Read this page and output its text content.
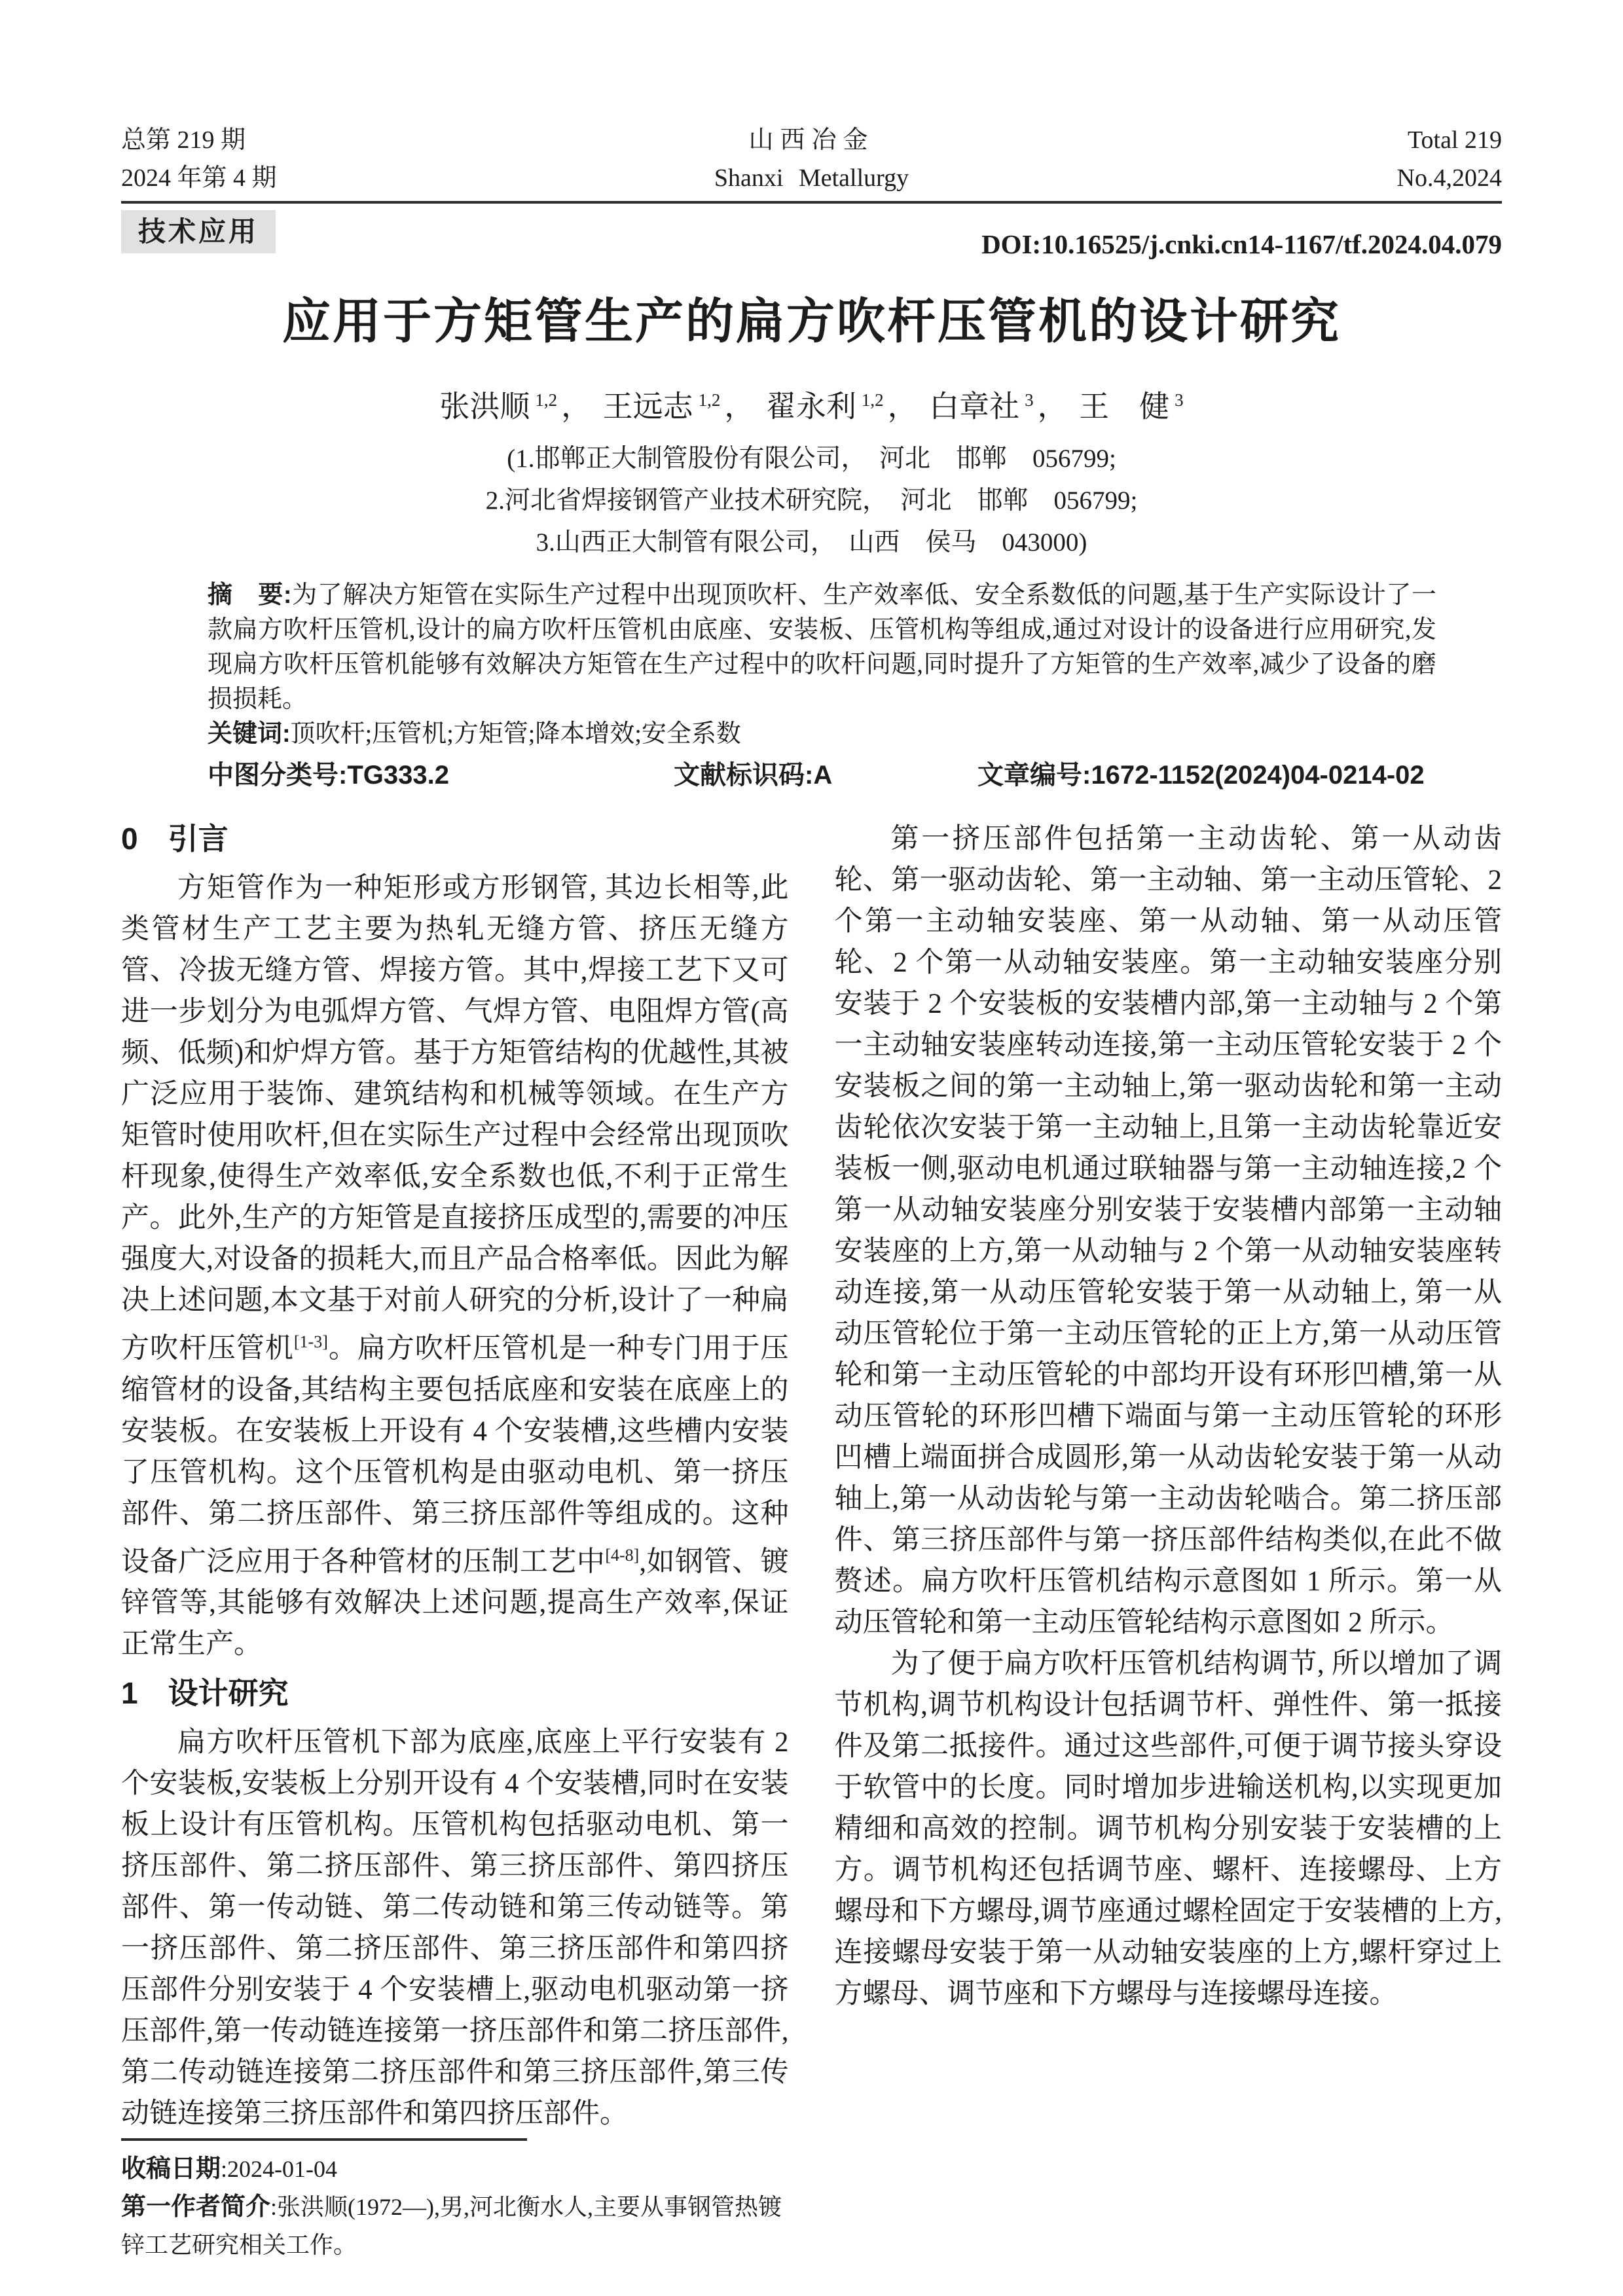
总第 219 期
2024 年第 4 期
山西冶金
Shanxi Metallurgy
Total 219
No.4,2024
技术应用	DOI:10.16525/j.cnki.cn14-1167/tf.2024.04.079
应用于方矩管生产的扁方吹杆压管机的设计研究
张洪顺 $^{1,2}$ ， 王远志 $^{1,2}$ ， 翟永利 $^{1,2}$ ， 白章社 $^3$ ， 王　健 $^3$
(1.邯郸正大制管股份有限公司，　河北　邯郸　056799;
2.河北省焊接钢管产业技术研究院，　河北　邯郸　056799;
3.山西正大制管有限公司，　山西　侯马　043000)

摘　要:为了解决方矩管在实际生产过程中出现顶吹杆、生产效率低、安全系数低的问题,基于生产实际设计了一款扁方吹杆压管机,设计的扁方吹杆压管机由底座、安装板、压管机构等组成,通过对设计的设备进行应用研究,发现扁方吹杆压管机能够有效解决方矩管在生产过程中的吹杆问题,同时提升了方矩管的生产效率,减少了设备的磨损损耗。

关键词:顶吹杆;压管机;方矩管;降本增效;安全系数

中图分类号:TG333.2	文献标识码:A	文章编号:1672-1152(2024)04-0214-02
0　引言

方矩管作为一种矩形或方形钢管, 其边长相等,此类管材生产工艺主要为热轧无缝方管、挤压无缝方管、冷拔无缝方管、焊接方管。其中,焊接工艺下又可进一步划分为电弧焊方管、气焊方管、电阻焊方管(高频、低频)和炉焊方管。基于方矩管结构的优越性,其被广泛应用于装饰、建筑结构和机械等领域。在生产方矩管时使用吹杆,但在实际生产过程中会经常出现顶吹杆现象,使得生产效率低,安全系数也低,不利于正常生产。此外,生产的方矩管是直接挤压成型的,需要的冲压强度大,对设备的损耗大,而且产品合格率低。因此为解决上述问题,本文基于对前人研究的分析,设计了一种扁方吹杆压管机[1-3]。扁方吹杆压管机是一种专门用于压缩管材的设备,其结构主要包括底座和安装在底座上的安装板。在安装板上开设有 4 个安装槽,这些槽内安装了压管机构。这个压管机构是由驱动电机、第一挤压部件、第二挤压部件、第三挤压部件等组成的。这种设备广泛应用于各种管材的压制工艺中[4-8],如钢管、镀锌管等,其能够有效解决上述问题,提高生产效率,保证正常生产。

1　设计研究

扁方吹杆压管机下部为底座,底座上平行安装有 2 个安装板,安装板上分别开设有 4 个安装槽,同时在安装板上设计有压管机构。压管机构包括驱动电机、第一挤压部件、第二挤压部件、第三挤压部件、第四挤压部件、第一传动链、第二传动链和第三传动链等。第一挤压部件、第二挤压部件、第三挤压部件和第四挤压部件分别安装于 4 个安装槽上,驱动电机驱动第一挤压部件,第一传动链连接第一挤压部件和第二挤压部件, 第二传动链连接第二挤压部件和第三挤压部件,第三传动链连接第三挤压部件和第四挤压部件。

收稿日期:2024-01-04

第一作者简介:张洪顺(1972—),男,河北衡水人,主要从事钢管热镀锌工艺研究相关工作。

第一挤压部件包括第一主动齿轮、第一从动齿轮、第一驱动齿轮、第一主动轴、第一主动压管轮、2 个第一主动轴安装座、第一从动轴、第一从动压管轮、2 个第一从动轴安装座。第一主动轴安装座分别安装于 2 个安装板的安装槽内部,第一主动轴与 2 个第一主动轴安装座转动连接,第一主动压管轮安装于 2 个安装板之间的第一主动轴上,第一驱动齿轮和第一主动齿轮依次安装于第一主动轴上,且第一主动齿轮靠近安装板一侧,驱动电机通过联轴器与第一主动轴连接,2 个第一从动轴安装座分别安装于安装槽内部第一主动轴安装座的上方,第一从动轴与 2 个第一从动轴安装座转动连接,第一从动压管轮安装于第一从动轴上, 第一从动压管轮位于第一主动压管轮的正上方,第一从动压管轮和第一主动压管轮的中部均开设有环形凹槽,第一从动压管轮的环形凹槽下端面与第一主动压管轮的环形凹槽上端面拼合成圆形,第一从动齿轮安装于第一从动轴上,第一从动齿轮与第一主动齿轮啮合。第二挤压部件、第三挤压部件与第一挤压部件结构类似,在此不做赘述。扁方吹杆压管机结构示意图如 1 所示。第一从动压管轮和第一主动压管轮结构示意图如 2 所示。

为了便于扁方吹杆压管机结构调节, 所以增加了调节机构,调节机构设计包括调节杆、弹性件、第一抵接件及第二抵接件。通过这些部件,可便于调节接头穿设于软管中的长度。同时增加步进输送机构,以实现更加精细和高效的控制。调节机构分别安装于安装槽的上方。调节机构还包括调节座、螺杆、连接螺母、上方螺母和下方螺母,调节座通过螺栓固定于安装槽的上方,连接螺母安装于第一从动轴安装座的上方,螺杆穿过上方螺母、调节座和下方螺母与连接螺母连接。
